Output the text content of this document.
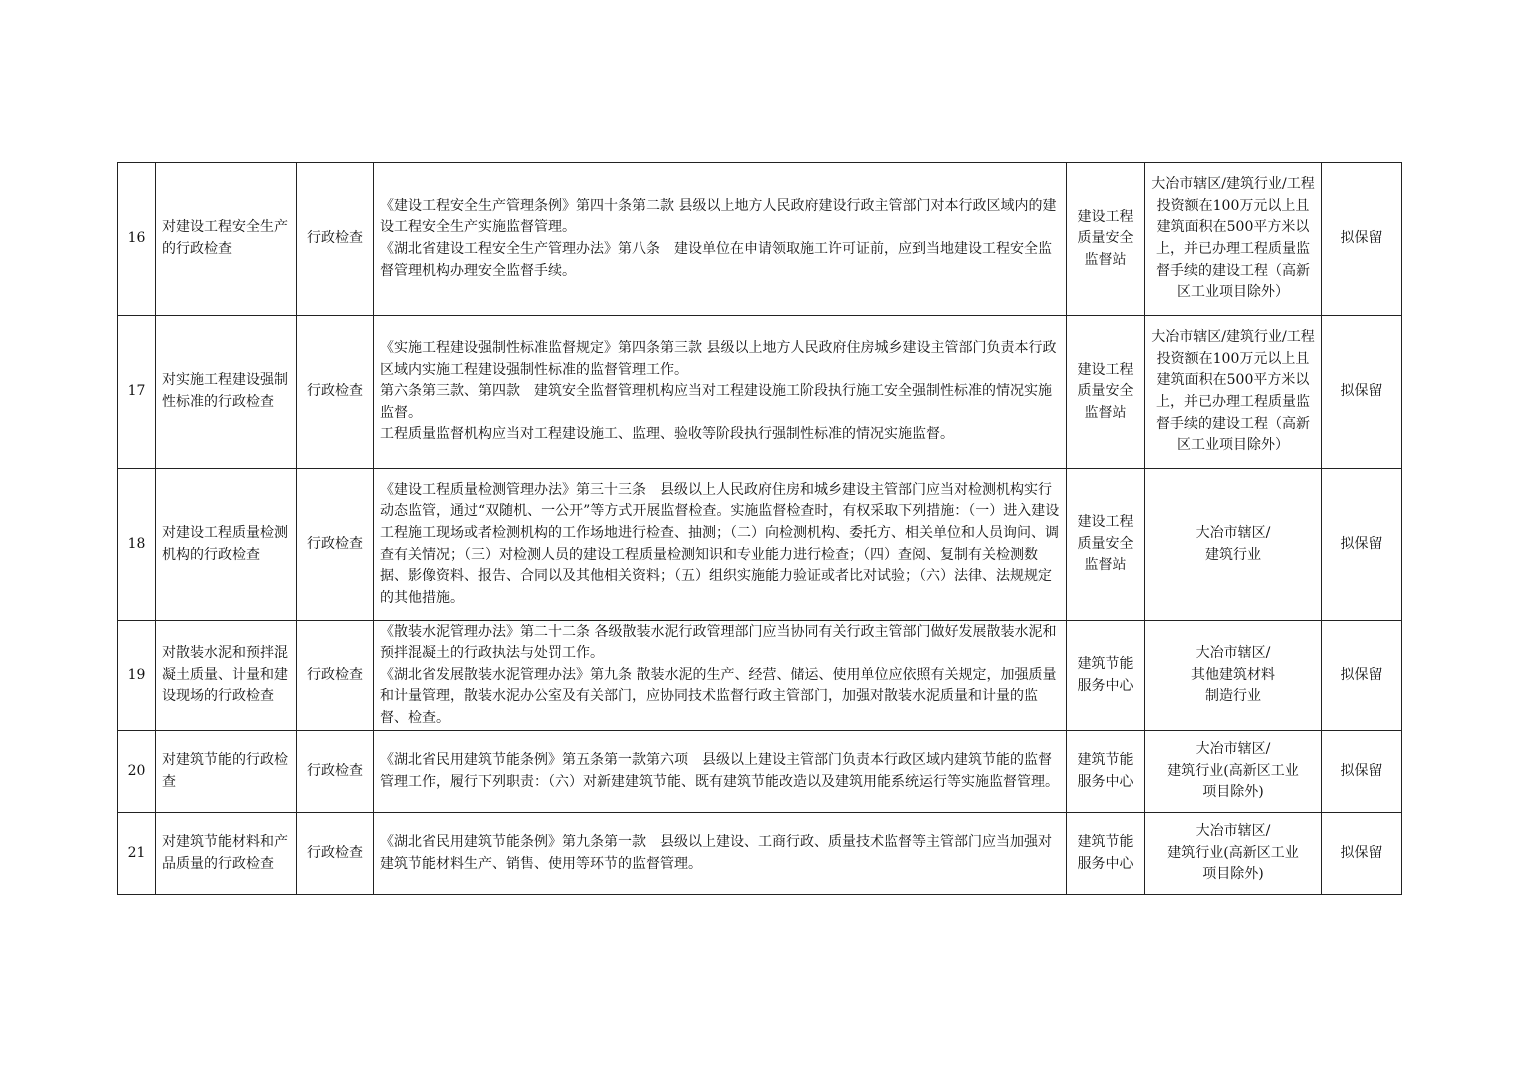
16	对建设工程安全生产的行政检查	行政检查	《建设工程安全生产管理条例》第四十条第二款 县级以上地方人民政府建设行政主管部门对本行政区域内的建设工程安全生产实施监督管理。
《湖北省建设工程安全生产管理办法》第八条　建设单位在申请领取施工许可证前，应到当地建设工程安全监督管理机构办理安全监督手续。	建设工程质量安全监督站	大冶市辖区/建筑行业/工程投资额在100万元以上且建筑面积在500平方米以上，并已办理工程质量监督手续的建设工程（高新区工业项目除外）	拟保留
17	对实施工程建设强制性标准的行政检查	行政检查	《实施工程建设强制性标准监督规定》第四条第三款 县级以上地方人民政府住房城乡建设主管部门负责本行政区域内实施工程建设强制性标准的监督管理工作。
第六条第三款、第四款　建筑安全监督管理机构应当对工程建设施工阶段执行施工安全强制性标准的情况实施监督。
工程质量监督机构应当对工程建设施工、监理、验收等阶段执行强制性标准的情况实施监督。	建设工程质量安全监督站	大冶市辖区/建筑行业/工程投资额在100万元以上且建筑面积在500平方米以上，并已办理工程质量监督手续的建设工程（高新区工业项目除外）	拟保留
18	对建设工程质量检测机构的行政检查	行政检查	《建设工程质量检测管理办法》第三十三条　县级以上人民政府住房和城乡建设主管部门应当对检测机构实行动态监管，通过“双随机、一公开”等方式开展监督检查。实施监督检查时，有权采取下列措施：（一）进入建设工程施工现场或者检测机构的工作场地进行检查、抽测；（二）向检测机构、委托方、相关单位和人员询问、调查有关情况；（三）对检测人员的建设工程质量检测知识和专业能力进行检查；（四）查阅、复制有关检测数据、影像资料、报告、合同以及其他相关资料；（五）组织实施能力验证或者比对试验；（六）法律、法规规定的其他措施。	建设工程质量安全监督站	大冶市辖区/
建筑行业	拟保留
19	对散装水泥和预拌混凝土质量、计量和建设现场的行政检查	行政检查	《散装水泥管理办法》第二十二条 各级散装水泥行政管理部门应当协同有关行政主管部门做好发展散装水泥和预拌混凝土的行政执法与处罚工作。
《湖北省发展散装水泥管理办法》第九条 散装水泥的生产、经营、储运、使用单位应依照有关规定，加强质量和计量管理，散装水泥办公室及有关部门，应协同技术监督行政主管部门，加强对散装水泥质量和计量的监督、检查。	建筑节能服务中心	大冶市辖区/
其他建筑材料
制造行业	拟保留
20	对建筑节能的行政检查	行政检查	《湖北省民用建筑节能条例》第五条第一款第六项　县级以上建设主管部门负责本行政区域内建筑节能的监督管理工作，履行下列职责：（六）对新建建筑节能、既有建筑节能改造以及建筑用能系统运行等实施监督管理。	建筑节能服务中心	大冶市辖区/
建筑行业(高新区工业
项目除外)	拟保留
21	对建筑节能材料和产品质量的行政检查	行政检查	《湖北省民用建筑节能条例》第九条第一款　县级以上建设、工商行政、质量技术监督等主管部门应当加强对建筑节能材料生产、销售、使用等环节的监督管理。	建筑节能服务中心	大冶市辖区/
建筑行业(高新区工业
项目除外)	拟保留
